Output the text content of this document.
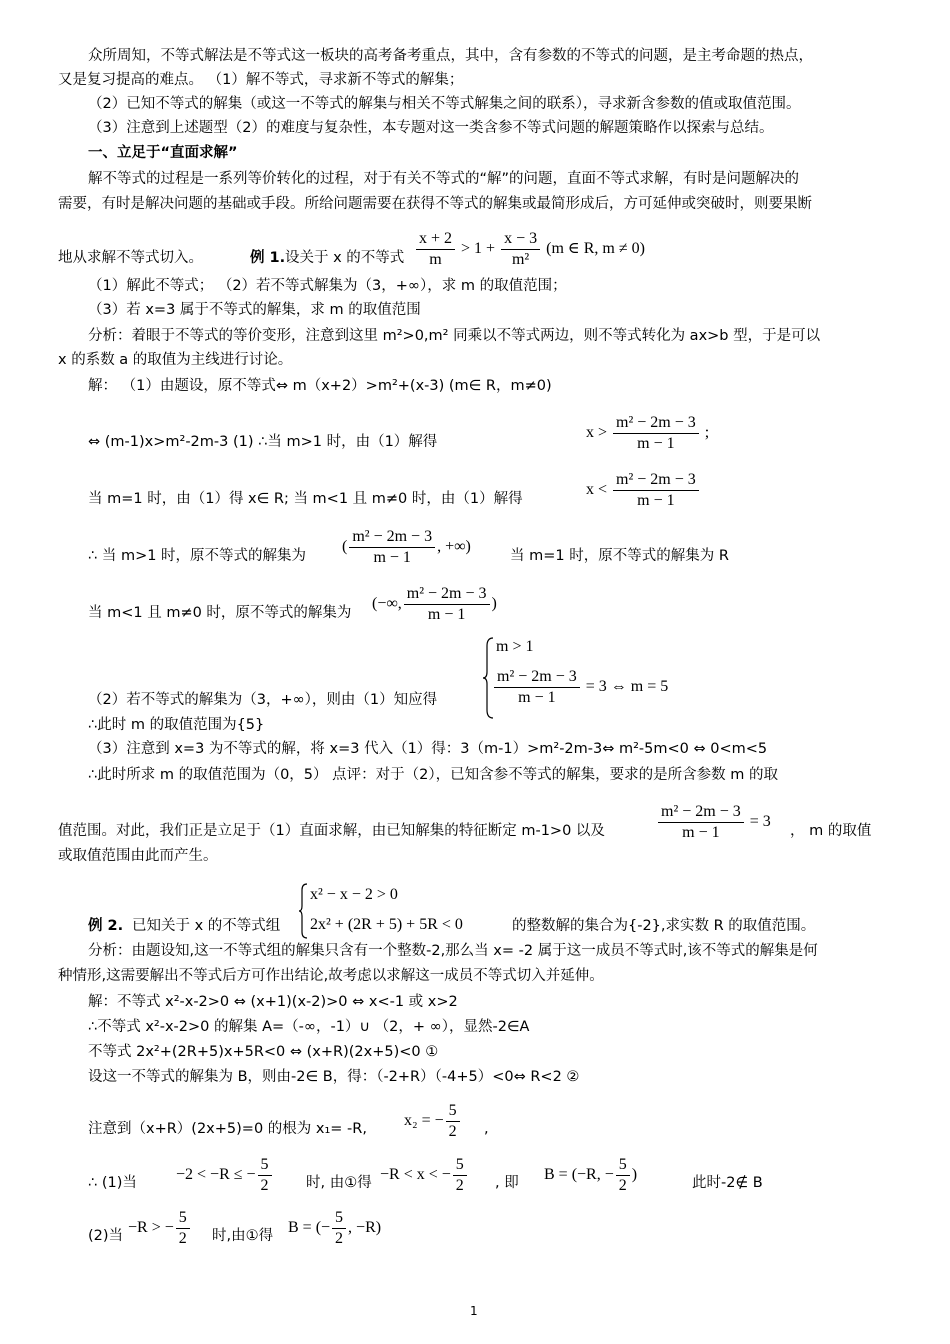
众所周知，不等式解法是不等式这一板块的高考备考重点，其中，含有参数的不等式的问题，是主考命题的热点，
又是复习提高的难点。 （1）解不等式，寻求新不等式的解集；
（2）已知不等式的解集（或这一不等式的解集与相关不等式解集之间的联系），寻求新含参数的值或取值范围。
（3）注意到上述题型（2）的难度与复杂性，本专题对这一类含参不等式问题的解题策略作以探索与总结。
一、立足于“直面求解”
解不等式的过程是一系列等价转化的过程，对于有关不等式的“解”的问题，直面不等式求解，有时是问题解决的
需要，有时是解决问题的基础或手段。所给问题需要在获得不等式的解集或最简形成后，方可延伸或突破时，则要果断
地从求解不等式切入。	例 1. 设关于 x 的不等式
（1）解此不等式； （2）若不等式解集为（3，+∞），求 m 的取值范围；
（3）若 x=3 属于不等式的解集，求 m 的取值范围
分析：着眼于不等式的等价变形，注意到这里 m²>0,m² 同乘以不等式两边，则不等式转化为 ax>b 型，于是可以
x 的系数 a 的取值为主线进行讨论。
解： （1）由题设，原不等式⇔ m（x+2）>m²+(x-3) (m∈ R，m≠0)
⇔ (m-1)x>m²-2m-3 (1) ∴当 m>1 时，由（1）解得
当 m=1 时，由（1）得 x∈ R; 当 m<1 且 m≠0 时，由（1）解得
∴ 当 m>1 时，原不等式的解集为	当 m=1 时，原不等式的解集为 R
当 m<1 且 m≠0 时，原不等式的解集为
（2）若不等式的解集为（3，+∞），则由（1）知应得
∴此时 m 的取值范围为{5}
（3）注意到 x=3 为不等式的解，将 x=3 代入（1）得：3（m-1）>m²-2m-3⇔ m²-5m<0 ⇔ 0<m<5
∴此时所求 m 的取值范围为（0，5） 点评：对于（2），已知含参不等式的解集，要求的是所含参数 m 的取
值范围。对此，我们正是立足于（1）直面求解，由已知解集的特征断定 m-1>0 以及	， m 的取值
或取值范围由此而产生。
例 2. 已知关于 x 的不等式组	的整数解的集合为{-2},求实数 R 的取值范围。
分析：由题设知,这一不等式组的解集只含有一个整数-2,那么当 x= -2 属于这一成员不等式时,该不等式的解集是何
种情形,这需要解出不等式后方可作出结论,故考虑以求解这一成员不等式切入并延伸。
解：不等式 x²-x-2>0 ⇔ (x+1)(x-2)>0 ⇔ x<-1 或 x>2
∴不等式 x²-x-2>0 的解集 A=（-∞，-1）∪ （2，+ ∞），显然-2∈A
不等式 2x²+(2R+5)x+5R<0 ⇔ (x+R)(2x+5)<0 ①
设这一不等式的解集为 B，则由-2∈ B，得：（-2+R）（-4+5）<0⇔ R<2 ②
注意到（x+R）(2x+5)=0 的根为 x₁= -R,	,
∴ (1)当	时, 由①得	, 即	此时-2∉ B
(2)当	时,由①得
$\frac{x + 2}{m} > 1 + \frac{x - 3}{\text{m²}} (m$ ∈ R, m ≠ 0)
$x > \frac{\text{m² − 2m − 3}}{m - 1}$ ;
$x < \frac{\text{m² − 2m − 3}}{m - 1}$
( $\frac{\text{m² − 2m − 3}}{m - 1}$ , +∞)
(−∞, $\frac{\text{m² − 2m − 3}}{m - 1}$ )
m > 1
$\frac{\text{m² − 2m − 3}}{m - 1} = 3$ ⇔ m = 5
$\frac{\text{m² − 2m − 3}}{m - 1} = 3$
x² − x − 2 > 0
2x² + (2R + 5) + 5R < 0
x₂ = − $\frac{5}{2}$
−2 < −R ≤ − $\frac{5}{2}$	−R < x < − $\frac{5}{2}$	B = (−R, − $\frac{5}{2}$ )
−R > − $\frac{5}{2}$	B = (− $\frac{5}{2}$ , −R)
1
